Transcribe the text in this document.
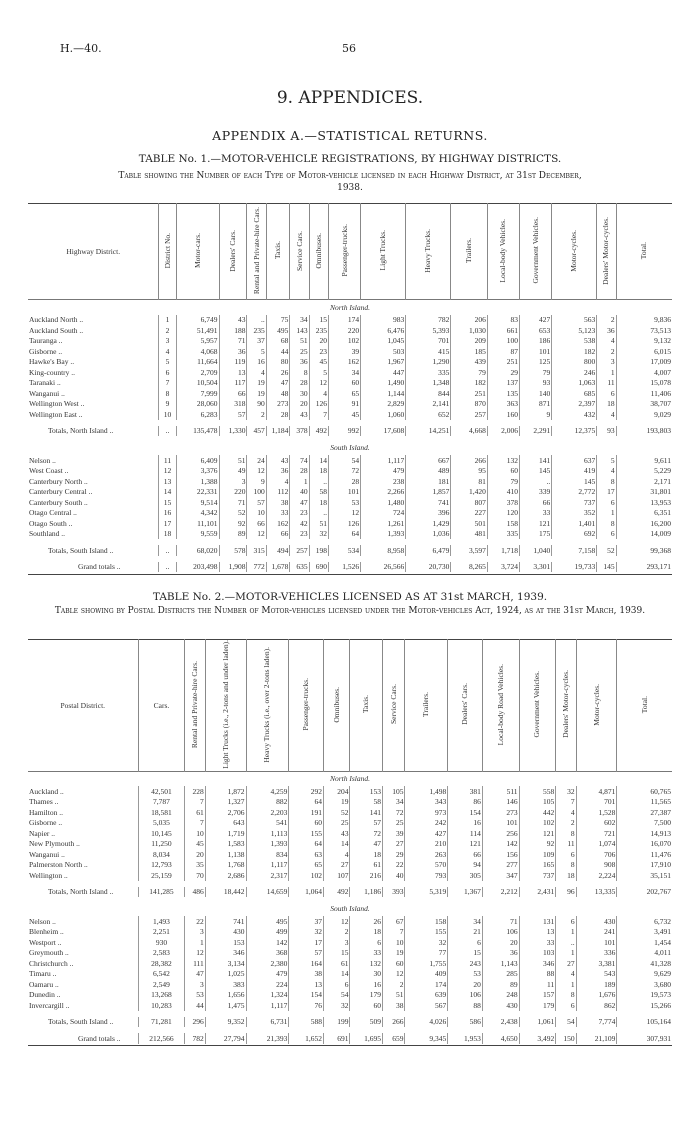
H.—40.	56
9. APPENDICES.
APPENDIX A.—STATISTICAL RETURNS.
TABLE No. 1.—MOTOR-VEHICLE REGISTRATIONS, BY HIGHWAY DISTRICTS.
Table showing the Number of each Type of Motor-vehicle licensed in each Highway District, at 31st December, 1938.
Highway District.	District No.	Motor-cars.	Dealers' Cars.	Rental and Private-hire Cars.	Taxis.	Service Cars.	Omnibuses.	Passenger-trucks.	Light Trucks.	Heavy Trucks.	Trailers.	Local-body Vehicles.	Government Vehicles.	Motor-cycles.	Dealers' Motor-cycles.	Total.
North Island.																
Auckland North ..	1	6,749	43	..	75	34	15	174	983	782	206	83	427	563	2	9,836
Auckland South ..	2	51,491	188	235	495	143	235	220	6,476	5,393	1,030	661	653	5,123	36	73,513
Tauranga ..	3	5,957	71	37	68	51	20	102	1,045	701	209	100	186	538	4	9,132
Gisborne ..	4	4,068	36	5	44	25	23	39	503	415	185	87	101	182	2	6,015
Hawke's Bay ..	5	11,664	119	16	80	36	45	162	1,967	1,290	439	251	125	800	3	17,009
King-country ..	6	2,709	13	4	26	8	5	34	447	335	79	29	79	246	1	4,007
Taranaki ..	7	10,504	117	19	47	28	12	60	1,490	1,348	182	137	93	1,063	11	15,078
Wanganui ..	8	7,999	66	19	48	30	4	65	1,144	844	251	135	140	685	6	11,406
Wellington West ..	9	28,060	318	90	273	20	126	91	2,829	2,141	870	363	871	2,397	18	38,707
Wellington East ..	10	6,283	57	2	28	43	7	45	1,060	652	257	160	9	432	4	9,029

Totals, North Island ..	..	135,478	1,330	457	1,184	378	492	992	17,608	14,251	4,668	2,006	2,291	12,375	93	193,803

South Island.																
Nelson ..	11	6,409	51	24	43	74	14	54	1,117	667	266	132	141	637	5	9,611
West Coast ..	12	3,376	49	12	36	28	18	72	479	489	95	60	145	419	4	5,229
Canterbury North ..	13	1,388	3	9	4	1	..	28	238	181	81	79	..	145	8	2,171
Canterbury Central ..	14	22,331	220	100	112	40	58	101	2,266	1,857	1,420	410	339	2,772	17	31,801
Canterbury South ..	15	9,514	71	57	38	47	18	53	1,480	741	807	378	66	737	6	13,953
Otago Central ..	16	4,342	52	10	33	23	..	12	724	396	227	120	33	352	1	6,351
Otago South ..	17	11,101	92	66	162	42	51	126	1,261	1,429	501	158	121	1,401	8	16,200
Southland ..	18	9,559	89	12	66	23	32	64	1,393	1,036	481	335	175	692	6	14,009

Totals, South Island ..	..	68,020	578	315	494	257	198	534	8,958	6,479	3,597	1,718	1,040	7,158	52	99,368

Grand totals ..	..	203,498	1,908	772	1,678	635	690	1,526	26,566	20,730	8,265	3,724	3,301	19,733	145	293,171

TABLE No. 2.—MOTOR-VEHICLES LICENSED AS AT 31st MARCH, 1939.
Table showing by Postal Districts the Number of Motor-vehicles licensed under the Motor-vehicles Act, 1924, as at the 31st March, 1939.
Postal District.	Cars.	Rental and Private-hire Cars.	Light Trucks (i.e., 2-tons and under laden).	Heavy Trucks (i.e., over 2-tons laden).	Passenger-trucks.	Omnibuses.	Taxis.	Service Cars.	Trailers.	Dealers' Cars.	Local-body Road Vehicles.	Government Vehicles.	Dealers' Motor-cycles.	Motor-cycles.	Total.
North Island.															
Auckland ..	42,501	228	1,872	4,259	292	204	153	105	1,498	381	511	558	32	4,871	60,765
Thames ..	7,787	7	1,327	882	64	19	58	34	343	86	146	105	7	701	11,565
Hamilton ..	18,581	61	2,706	2,203	191	52	141	72	973	154	273	442	4	1,528	27,387
Gisborne ..	5,035	7	643	541	60	25	57	25	242	16	101	102	2	602	7,500
Napier ..	10,145	10	1,719	1,113	155	43	72	39	427	114	256	121	8	721	14,913
New Plymouth ..	11,250	45	1,583	1,393	64	14	47	27	210	121	142	92	11	1,074	16,070
Wanganui ..	8,034	20	1,138	834	63	4	18	29	263	66	156	109	6	706	11,476
Palmerston North ..	12,793	35	1,768	1,117	65	27	61	22	570	94	277	165	8	908	17,910
Wellington ..	25,159	70	2,686	2,317	102	107	216	40	793	305	347	737	18	2,224	35,151

Totals, North Island ..	141,285	486	18,442	14,659	1,064	492	1,186	393	5,319	1,367	2,212	2,431	96	13,335	202,767

South Island.															
Nelson ..	1,493	22	741	495	37	12	26	67	158	34	71	131	6	430	6,732
Blenheim ..	2,251	3	430	499	32	2	18	7	155	21	106	13	1	241	3,491
Westport ..	930	1	153	142	17	3	6	10	32	6	20	33	..	101	1,454
Greymouth ..	2,583	12	346	368	57	15	33	19	77	15	36	103	1	336	4,011
Christchurch ..	28,382	111	3,134	2,380	164	61	132	60	1,755	243	1,143	346	27	3,381	41,328
Timaru ..	6,542	47	1,025	479	38	14	30	12	409	53	285	88	4	543	9,629
Oamaru ..	2,549	3	383	224	13	6	16	2	174	20	89	11	1	189	3,680
Dunedin ..	13,268	53	1,656	1,324	154	54	179	51	639	106	248	157	8	1,676	19,573
Invercargill ..	10,283	44	1,475	1,117	76	32	60	38	567	88	430	179	6	862	15,266

Totals, South Island ..	71,281	296	9,352	6,731	588	199	509	266	4,026	586	2,438	1,061	54	7,774	105,164

Grand totals ..	212,566	782	27,794	21,393	1,652	691	1,695	659	9,345	1,953	4,650	3,492	150	21,109	307,931
